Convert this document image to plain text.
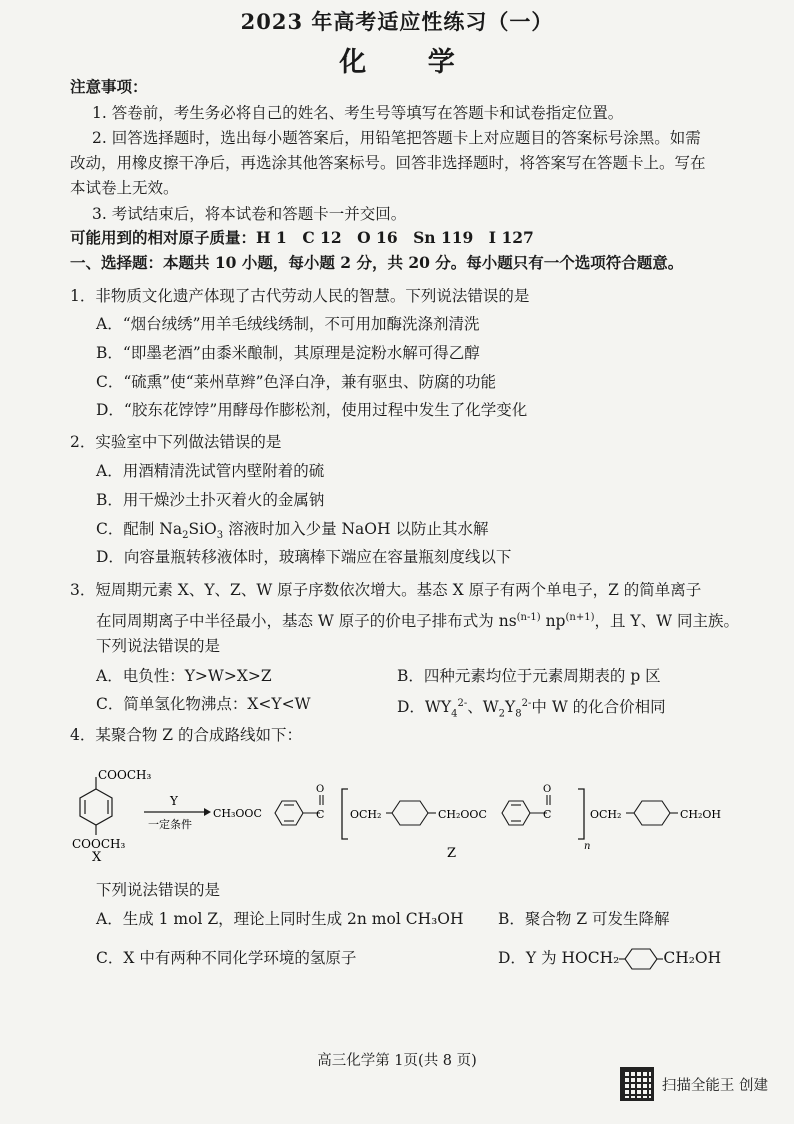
2023 年高考适应性练习（一）
化 学
注意事项：
1. 答卷前，考生务必将自己的姓名、考生号等填写在答题卡和试卷指定位置。
2. 回答选择题时，选出每小题答案后，用铅笔把答题卡上对应题目的答案标号涂黑。如需
改动，用橡皮擦干净后，再选涂其他答案标号。回答非选择题时，将答案写在答题卡上。写在
本试卷上无效。
3. 考试结束后，将本试卷和答题卡一并交回。
可能用到的相对原子质量：H 1　C 12　O 16　Sn 119　I 127
一、选择题：本题共 10 小题，每小题 2 分，共 20 分。每小题只有一个选项符合题意。
1．非物质文化遗产体现了古代劳动人民的智慧。下列说法错误的是
A．“烟台绒绣”用羊毛绒线绣制，不可用加酶洗涤剂清洗
B．“即墨老酒”由黍米酿制，其原理是淀粉水解可得乙醇
C．“硫熏”使“莱州草辫”色泽白净，兼有驱虫、防腐的功能
D．“胶东花饽饽”用酵母作膨松剂，使用过程中发生了化学变化
2．实验室中下列做法错误的是
A．用酒精清洗试管内壁附着的硫
B．用干燥沙土扑灭着火的金属钠
C．配制 $Na_2SiO_3$ 溶液时加入少量 NaOH 以防止其水解
D．向容量瓶转移液体时，玻璃棒下端应在容量瓶刻度线以下
3．短周期元素 X、Y、Z、W 原子序数依次增大。基态 X 原子有两个单电子，Z 的简单离子
在同周期离子中半径最小，基态 W 原子的价电子排布式为 $ns^{(n-1)}$ $np^{(n+1)}$，且 Y、W 同主族。
下列说法错误的是
A．电负性：Y>W>X>Z	B．四种元素均位于元素周期表的 p 区
C．简单氢化物沸点：X<Y<W	D．$WY_4^{2-}$、$W_2Y_8^{2-}$中 W 的化合价相同
4．某聚合物 Z 的合成路线如下：
COOCH₃
COOCH₃
X
Y
一定条件
CH₃OOC	C
O
OCH₂	CH₂OOC	C
O
n
OCH₂	CH₂OH
Z
下列说法错误的是
A．生成 1 mol Z，理论上同时生成 2n mol CH₃OH B．聚合物 Z 可发生降解
C．X 中有两种不同化学环境的氢原子	D．Y 为 HOCH₂	CH₂OH
高三化学第 1页(共 8 页)
扫描全能王 创建
